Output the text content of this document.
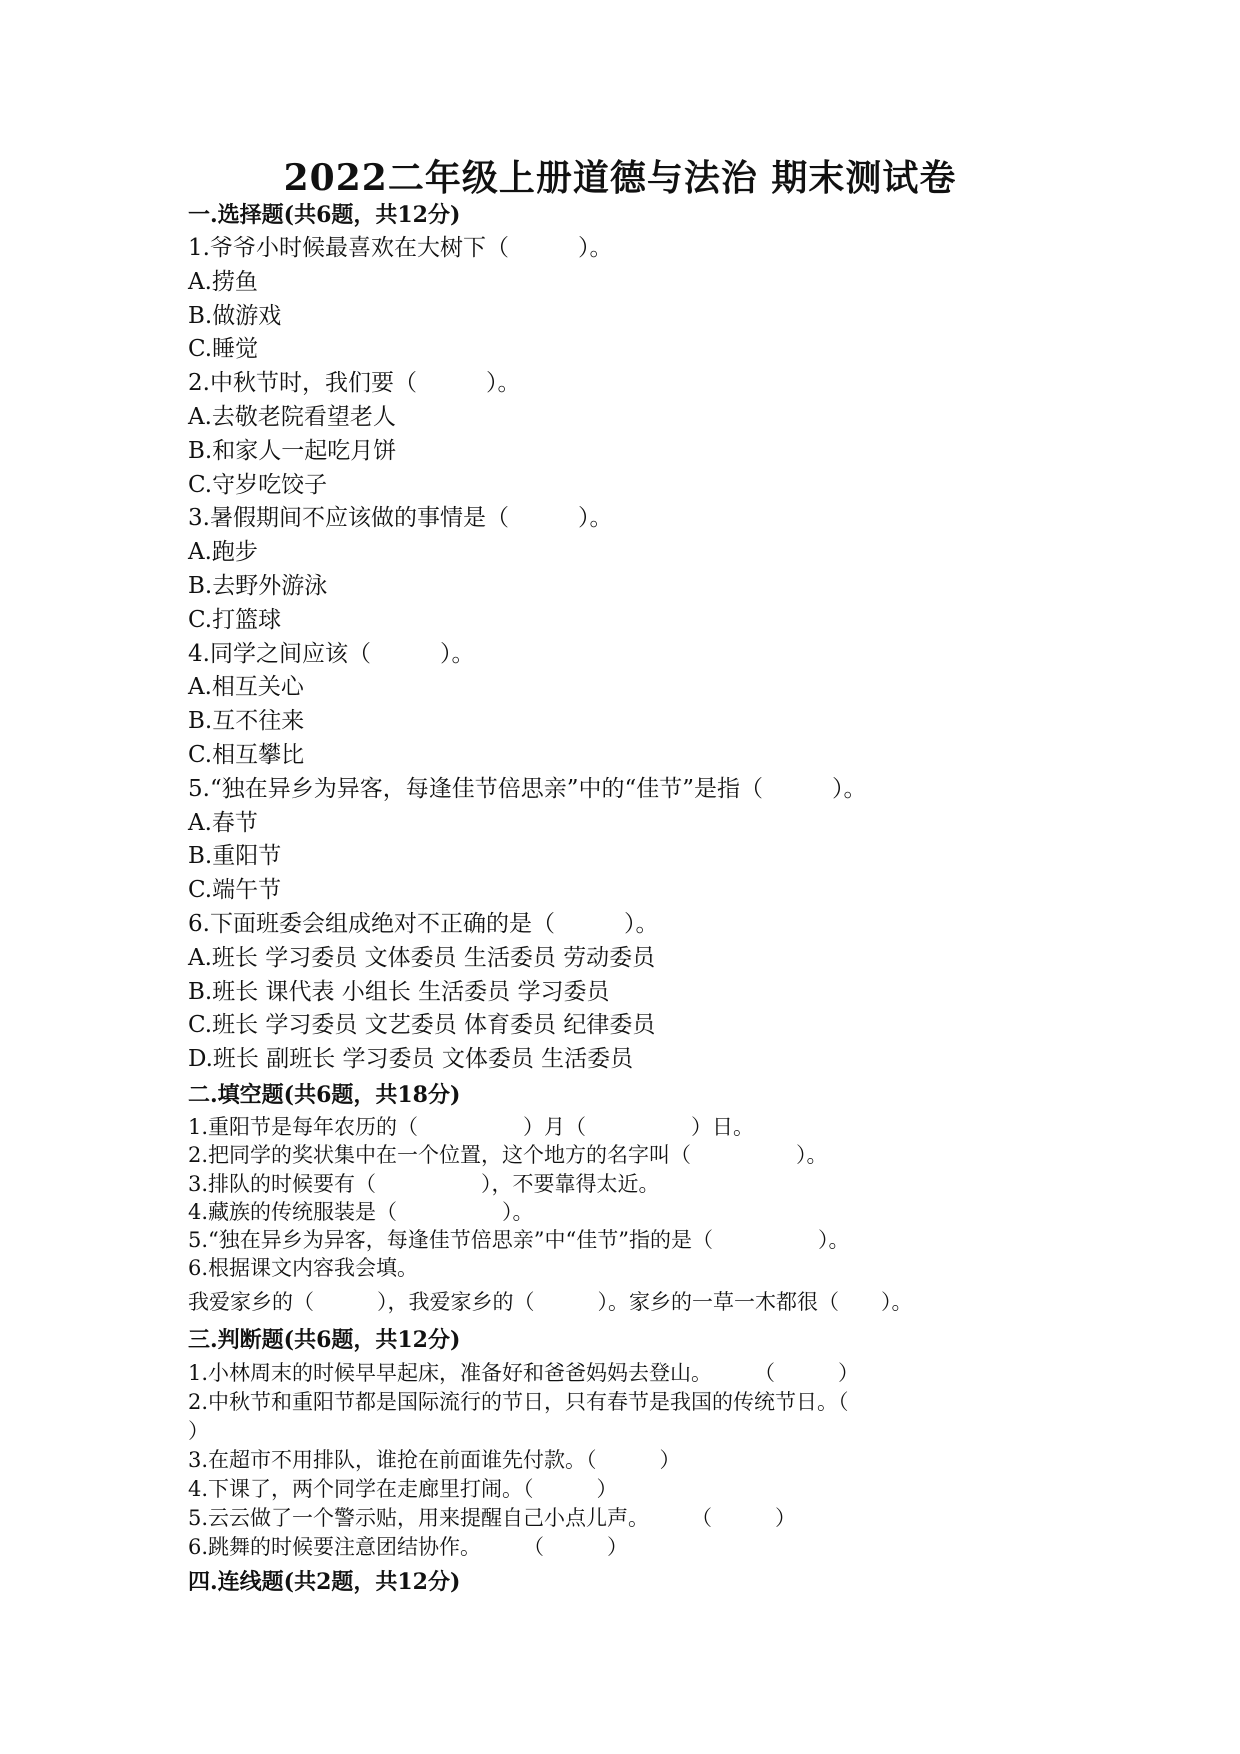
2022二年级上册道德与法治 期末测试卷
一.选择题(共6题，共12分)
1.爷爷小时候最喜欢在大树下（　　　）。
A.捞鱼
B.做游戏
C.睡觉
2.中秋节时，我们要（　　　）。
A.去敬老院看望老人
B.和家人一起吃月饼
C.守岁吃饺子
3.暑假期间不应该做的事情是（　　　）。
A.跑步
B.去野外游泳
C.打篮球
4.同学之间应该（　　　）。
A.相互关心
B.互不往来
C.相互攀比
5.“独在异乡为异客，每逢佳节倍思亲”中的“佳节”是指（　　　）。
A.春节
B.重阳节
C.端午节
6.下面班委会组成绝对不正确的是（　　　）。
A.班长 学习委员 文体委员 生活委员 劳动委员
B.班长 课代表 小组长 生活委员 学习委员
C.班长 学习委员 文艺委员 体育委员 纪律委员
D.班长 副班长 学习委员 文体委员 生活委员
二.填空题(共6题，共18分)
1.重阳节是每年农历的（　　　　　）月（　　　　　）日。
2.把同学的奖状集中在一个位置，这个地方的名字叫（　　　　　）。
3.排队的时候要有（　　　　　），不要靠得太近。
4.藏族的传统服装是（　　　　　）。
5.“独在异乡为异客，每逢佳节倍思亲”中“佳节”指的是（　　　　　）。
6.根据课文内容我会填。
我爱家乡的（　　　），我爱家乡的（　　　）。家乡的一草一木都很（　　）。
三.判断题(共6题，共12分)
1.小林周末的时候早早起床，准备好和爸爸妈妈去登山。　　　（　　　）
2.中秋节和重阳节都是国际流行的节日，只有春节是我国的传统节日。（
）
3.在超市不用排队，谁抢在前面谁先付款。（　　　）
4.下课了，两个同学在走廊里打闹。（　　　）
5.云云做了一个警示贴，用来提醒自己小点儿声。　　　（　　　）
6.跳舞的时候要注意团结协作。　　　（　　　）
四.连线题(共2题，共12分)
